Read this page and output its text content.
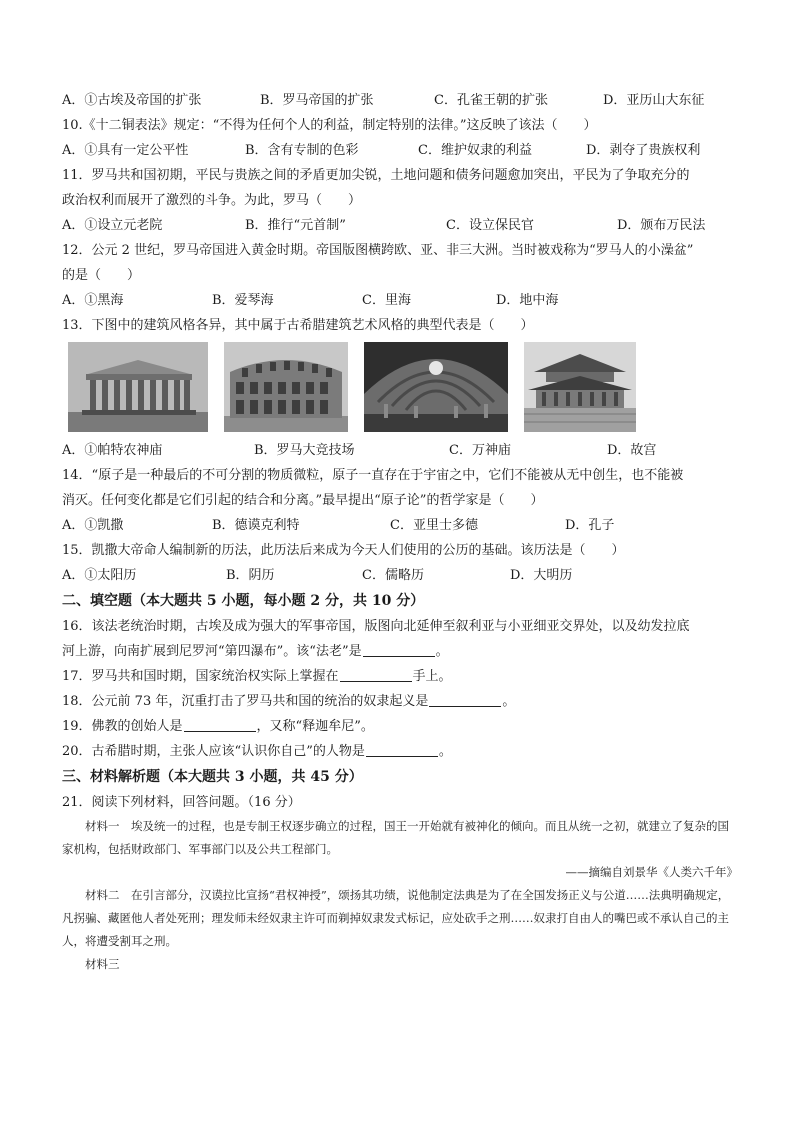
A．①古埃及帝国的扩张	B．罗马帝国的扩张	C．孔雀王朝的扩张	D．亚历山大东征
10.《十二铜表法》规定：“不得为任何个人的利益，制定特别的法律。”这反映了该法（　　）
A．①具有一定公平性	B．含有专制的色彩	C．维护奴隶的利益	D．剥夺了贵族权利
11．罗马共和国初期，平民与贵族之间的矛盾更加尖锐，土地问题和债务问题愈加突出，平民为了争取充分的
政治权利而展开了激烈的斗争。为此，罗马（　　）
A．①设立元老院	B．推行“元首制”	C．设立保民官	D．颁布万民法
12．公元 2 世纪，罗马帝国进入黄金时期。帝国版图横跨欧、亚、非三大洲。当时被戏称为“罗马人的小澡盆”
的是（　　）
A．①黑海	B．爱琴海	C．里海	D．地中海
13．下图中的建筑风格各异，其中属于古希腊建筑艺术风格的典型代表是（　　）
A．①帕特农神庙	B．罗马大竞技场	C．万神庙	D．故宫
14．“原子是一种最后的不可分割的物质微粒，原子一直存在于宇宙之中，它们不能被从无中创生，也不能被
消灭。任何变化都是它们引起的结合和分离。”最早提出“原子论”的哲学家是（　　）
A．①凯撒	B．德谟克利特	C．亚里士多德	D．孔子
15．凯撒大帝命人编制新的历法，此历法后来成为今天人们使用的公历的基础。该历法是（　　）
A．①太阳历	B．阴历	C．儒略历	D．大明历
二、填空题（本大题共 5 小题，每小题 2 分，共 10 分）
16．该法老统治时期，古埃及成为强大的军事帝国，版图向北延伸至叙利亚与小亚细亚交界处，以及幼发拉底
河上游，向南扩展到尼罗河“第四瀑布”。该“法老”是	。
17．罗马共和国时期，国家统治权实际上掌握在	手上。
18．公元前 73 年，沉重打击了罗马共和国的统治的奴隶起义是	。
19．佛教的创始人是	，又称“释迦牟尼”。
20．古希腊时期，主张人应该“认识你自己”的人物是	。
三、材料解析题（本大题共 3 小题，共 45 分）
21．阅读下列材料，回答问题。（16 分）
材料一　埃及统一的过程，也是专制王权逐步确立的过程，国王一开始就有被神化的倾向。而且从统一之初，就建立了复杂的国家机构，包括财政部门、军事部门以及公共工程部门。
——摘编自刘景华《人类六千年》
材料二　在引言部分，汉谟拉比宣扬“君权神授”，颂扬其功绩，说他制定法典是为了在全国发扬正义与公道……法典明确规定，凡拐骗、藏匿他人者处死刑；理发师未经奴隶主许可而剃掉奴隶发式标记，应处砍手之刑……奴隶打自由人的嘴巴或不承认自己的主人，将遭受割耳之刑。
材料三
